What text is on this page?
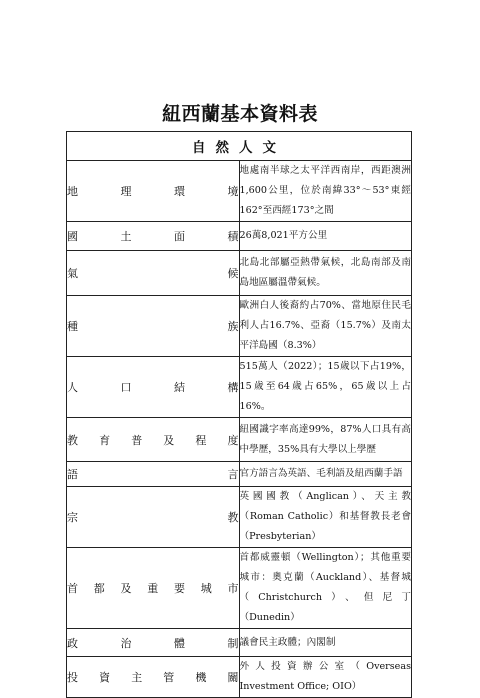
紐西蘭基本資料表
自然人文	
地理環境	地處南半球之太平洋西南岸，西距澳洲1,600公里，位於南緯33°～53°東經162°至西經173°之間
國土面積	26萬8,021平方公里
氣候	北島北部屬亞熱帶氣候，北島南部及南島地區屬溫帶氣候。
種族	歐洲白人後裔約占70%、當地原住民毛利人占16.7%、亞裔（15.7%）及南太平洋島國（8.3%）
人口結構	515萬人（2022）；15歲以下占19%，15歲至64歲占65%，65歲以上占16%。
教育普及程度	紐國識字率高達99%，87%人口具有高中學歷，35%具有大學以上學歷
語言	官方語言為英語、毛利語及紐西蘭手語
宗教	英國國教（Anglican）、天主教（Roman Catholic）和基督教長老會（Presbyterian）
首都及重要城市	首都威靈頓（Wellington）；其他重要城市：奧克蘭（Auckland）、基督城（Christchurch）、但尼丁（Dunedin）
政治體制	議會民主政體；內閣制
投資主管機關	外人投資辦公室（Overseas Investment Office; OIO）
